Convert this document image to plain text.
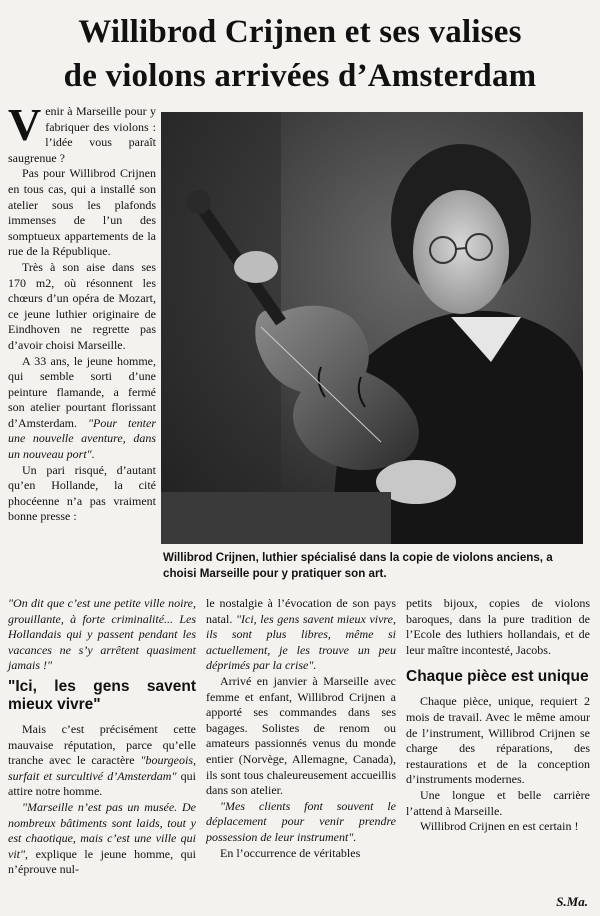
Willibrod Crijnen et ses valises
de violons arrivées d’Amsterdam

Venir à Marseille pour y fabriquer des violons : l’idée vous paraît saugrenue ?

Pas pour Willibrod Crijnen en tous cas, qui a installé son atelier sous les plafonds immenses de l’un des somptueux appartements de la rue de la République.

Très à son aise dans ses 170 m2, où résonnent les chœurs d’un opéra de Mozart, ce jeune luthier originaire de Eindhoven ne regrette pas d’avoir choisi Marseille.

A 33 ans, le jeune homme, qui semble sorti d’une peinture flamande, a fermé son atelier pourtant florissant d’Amsterdam. "Pour tenter une nouvelle aventure, dans un nouveau port".

Un pari risqué, d’autant qu’en Hollande, la cité phocéenne n’a pas vraiment bonne presse :

"On dit que c’est une petite ville noire, grouillante, à forte criminalité... Les Hollandais qui y passent pendant les vacances ne s’y arrêtent quasiment jamais !"

"Ici, les gens savent mieux vivre"

Mais c’est précisément cette mauvaise réputation, parce qu’elle tranche avec le caractère "bourgeois, surfait et surcultivé d’Amsterdam" qui attire notre homme.

"Marseille n’est pas un musée. De nombreux bâtiments sont laids, tout y est chaotique, mais c’est une ville qui vit", explique le jeune homme, qui n’éprouve nul-

Willibrod Crijnen, luthier spécialisé dans la copie de violons anciens, a choisi Marseille pour y pratiquer son art.

le nostalgie à l’évocation de son pays natal. "Ici, les gens savent mieux vivre, ils sont plus libres, même si actuellement, je les trouve un peu déprimés par la crise".

Arrivé en janvier à Marseille avec femme et enfant, Willibrod Crijnen a apporté ses commandes dans ses bagages. Solistes de renom ou amateurs passionnés venus du monde entier (Norvège, Allemagne, Canada), ils sont tous chaleureusement accueillis dans son atelier.

"Mes clients font souvent le déplacement pour venir prendre possession de leur instrument".

En l’occurrence de véritables

petits bijoux, copies de violons baroques, dans la pure tradition de l’Ecole des luthiers hollandais, et de leur maître incontesté, Jacobs.

Chaque pièce est unique

Chaque pièce, unique, requiert 2 mois de travail. Avec le même amour de l’instrument, Willibrod Crijnen se charge des réparations, des restaurations et de la conception d’instruments modernes.

Une longue et belle carrière l’attend à Marseille.

Willibrod Crijnen en est certain !

S.Ma.
